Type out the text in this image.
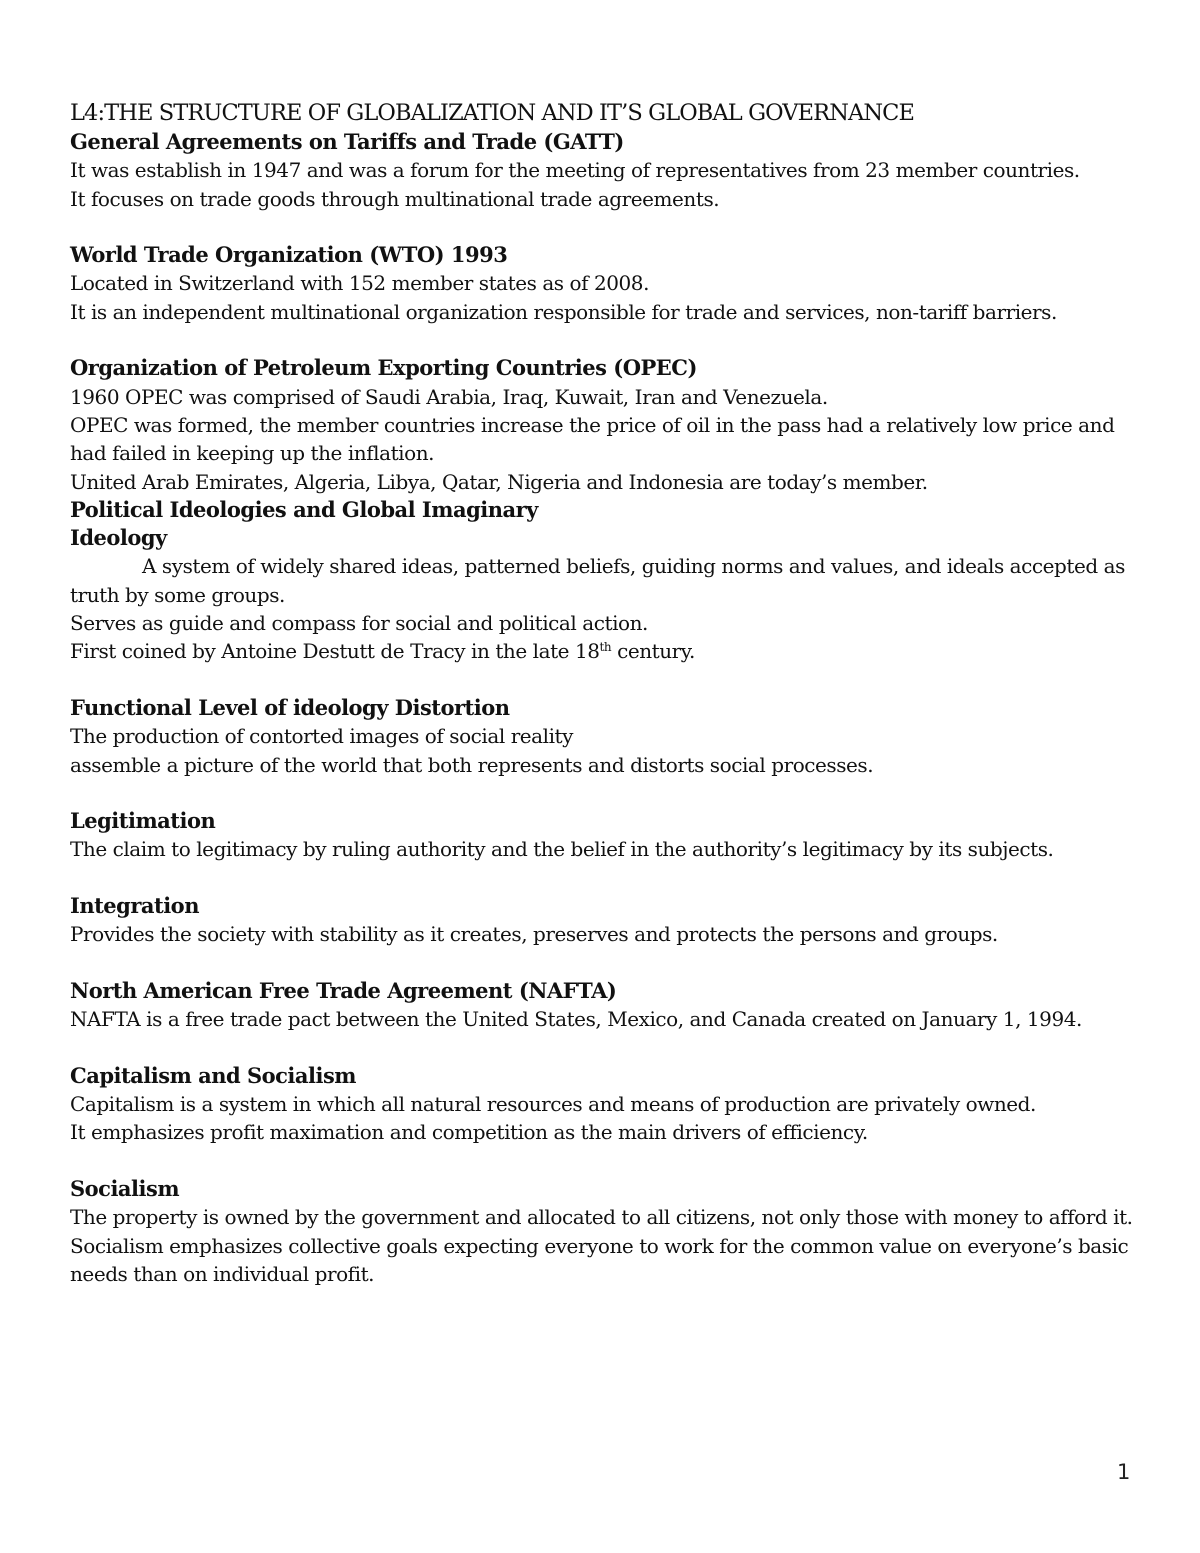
L4:THE STRUCTURE OF GLOBALIZATION AND IT’S GLOBAL GOVERNANCE

General Agreements on Tariffs and Trade (GATT)

It was establish in 1947 and was a forum for the meeting of representatives from 23 member countries.

It focuses on trade goods through multinational trade agreements.

World Trade Organization (WTO) 1993

Located in Switzerland with 152 member states as of 2008.

It is an independent multinational organization responsible for trade and services, non-tariff barriers.

Organization of Petroleum Exporting Countries (OPEC)

1960 OPEC was comprised of Saudi Arabia, Iraq, Kuwait, Iran and Venezuela.

OPEC was formed, the member countries increase the price of oil in the pass had a relatively low price and had failed in keeping up the inflation.

United Arab Emirates, Algeria, Libya, Qatar, Nigeria and Indonesia are today’s member.

Political Ideologies and Global Imaginary

Ideology

A system of widely shared ideas, patterned beliefs, guiding norms and values, and ideals accepted as truth by some groups.

Serves as guide and compass for social and political action.

First coined by Antoine Destutt de Tracy in the late 18th century.

Functional Level of ideology Distortion

The production of contorted images of social reality

assemble a picture of the world that both represents and distorts social processes.

Legitimation

The claim to legitimacy by ruling authority and the belief in the authority’s legitimacy by its subjects.

Integration

Provides the society with stability as it creates, preserves and protects the persons and groups.

North American Free Trade Agreement (NAFTA)

NAFTA is a free trade pact between the United States, Mexico, and Canada created on January 1, 1994.

Capitalism and Socialism

Capitalism is a system in which all natural resources and means of production are privately owned.

It emphasizes profit maximation and competition as the main drivers of efficiency.

Socialism

The property is owned by the government and allocated to all citizens, not only those with money to afford it.

Socialism emphasizes collective goals expecting everyone to work for the common value on everyone’s basic needs than on individual profit.

1
